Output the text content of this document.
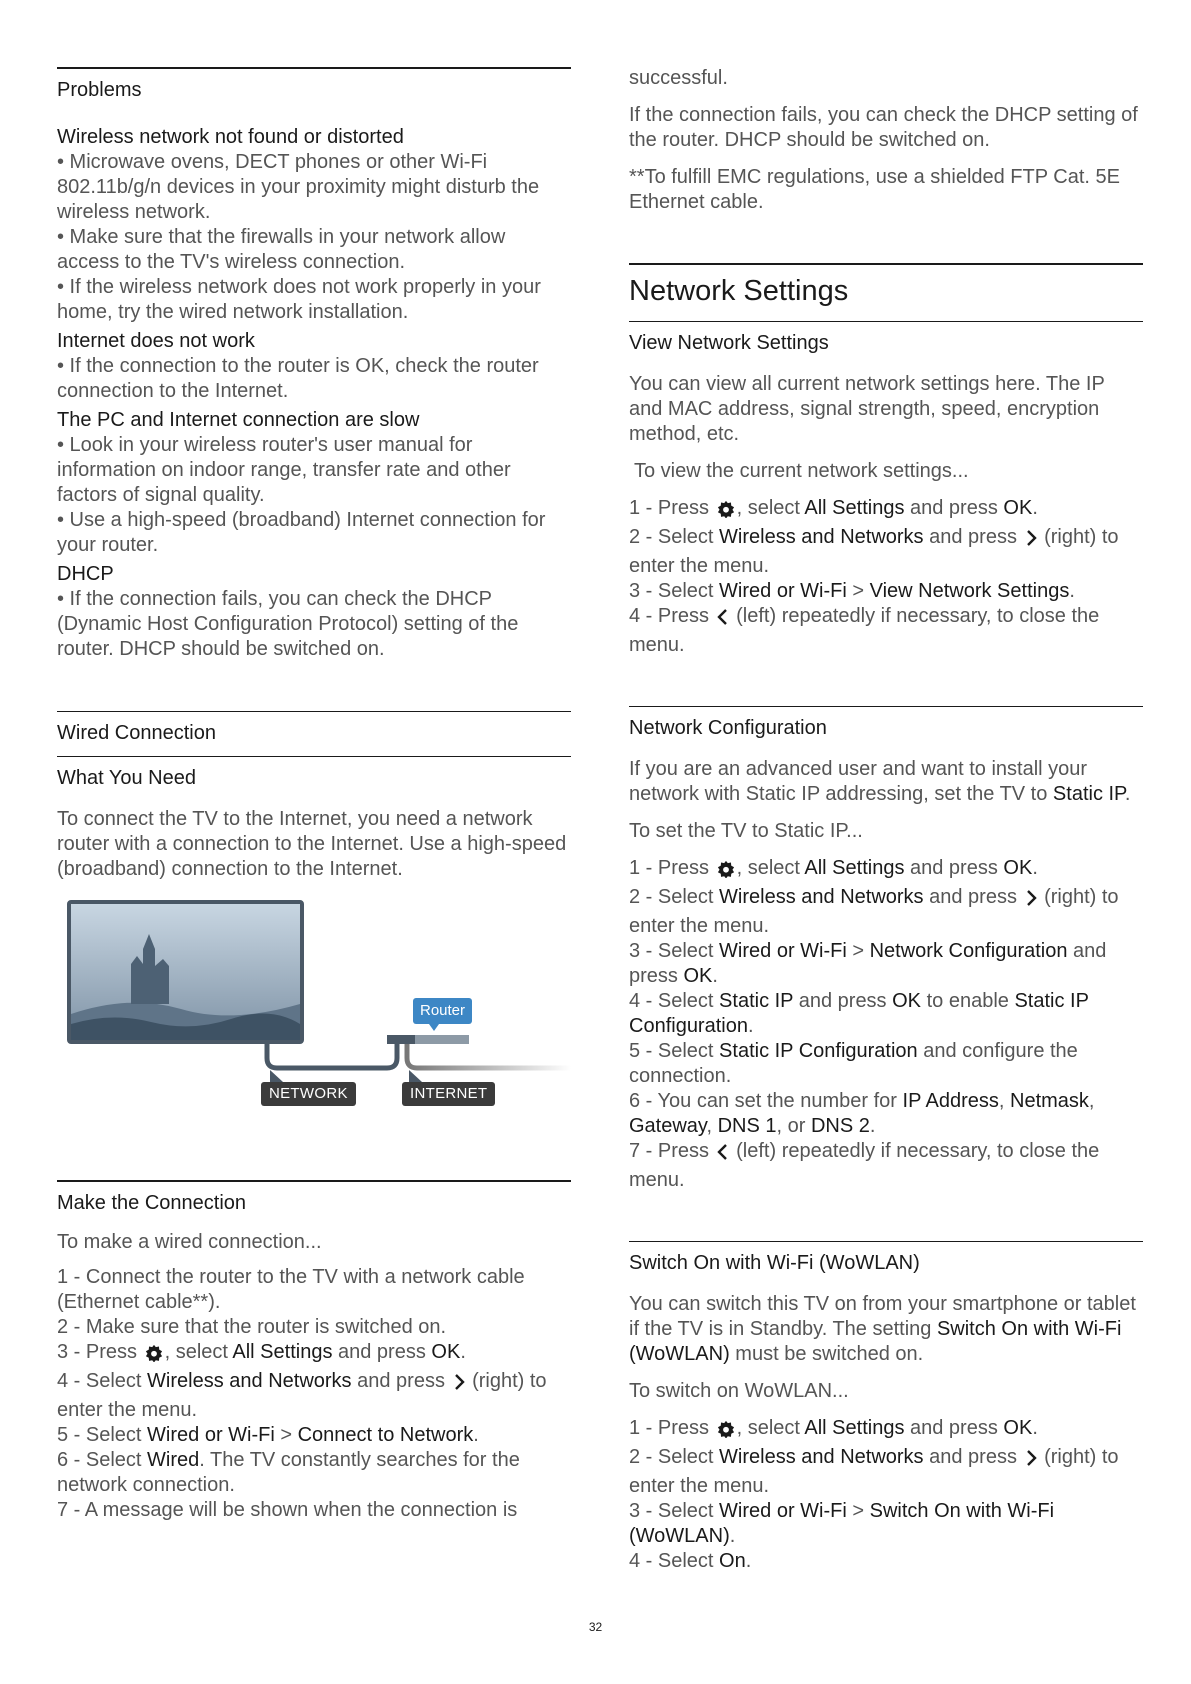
Problems

Wireless network not found or distorted

• Microwave ovens, DECT phones or other Wi-Fi 802.11b/g/n devices in your proximity might disturb the wireless network.

• Make sure that the firewalls in your network allow access to the TV's wireless connection.

• If the wireless network does not work properly in your home, try the wired network installation.

Internet does not work

• If the connection to the router is OK, check the router connection to the Internet.

The PC and Internet connection are slow

• Look in your wireless router's user manual for information on indoor range, transfer rate and other factors of signal quality.

• Use a high-speed (broadband) Internet connection for your router.

DHCP

• If the connection fails, you can check the DHCP (Dynamic Host Configuration Protocol) setting of the router. DHCP should be switched on.

Wired Connection
What You Need

To connect the TV to the Internet, you need a network router with a connection to the Internet. Use a high-speed (broadband) connection to the Internet.

Router
NETWORK	INTERNET
Make the Connection

To make a wired connection...

1 - Connect the router to the TV with a network cable (Ethernet cable**).

2 - Make sure that the router is switched on.

3 - Press , select All Settings and press OK.

4 - Select Wireless and Networks and press  (right) to enter the menu.

5 - Select Wired or Wi-Fi > Connect to Network.

6 - Select Wired. The TV constantly searches for the network connection.

7 - A message will be shown when the connection is

successful.

If the connection fails, you can check the DHCP setting of the router. DHCP should be switched on.

**To fulfill EMC regulations, use a shielded FTP Cat. 5E Ethernet cable.

Network Settings
View Network Settings

You can view all current network settings here. The IP and MAC address, signal strength, speed, encryption method, etc.

To view the current network settings...

1 - Press , select All Settings and press OK.

2 - Select Wireless and Networks and press  (right) to enter the menu.

3 - Select Wired or Wi-Fi > View Network Settings.

4 - Press  (left) repeatedly if necessary, to close the menu.

Network Configuration

If you are an advanced user and want to install your network with Static IP addressing, set the TV to Static IP.

To set the TV to Static IP...

1 - Press , select All Settings and press OK.

2 - Select Wireless and Networks and press  (right) to enter the menu.

3 - Select Wired or Wi-Fi > Network Configuration and press OK.

4 - Select Static IP and press OK to enable Static IP Configuration.

5 - Select Static IP Configuration and configure the connection.

6 - You can set the number for IP Address, Netmask, Gateway, DNS 1, or DNS 2.

7 - Press  (left) repeatedly if necessary, to close the menu.

Switch On with Wi-Fi (WoWLAN)

You can switch this TV on from your smartphone or tablet if the TV is in Standby. The setting Switch On with Wi-Fi (WoWLAN) must be switched on.

To switch on WoWLAN...

1 - Press , select All Settings and press OK.

2 - Select Wireless and Networks and press  (right) to enter the menu.

3 - Select Wired or Wi-Fi > Switch On with Wi-Fi (WoWLAN).

4 - Select On.

32
